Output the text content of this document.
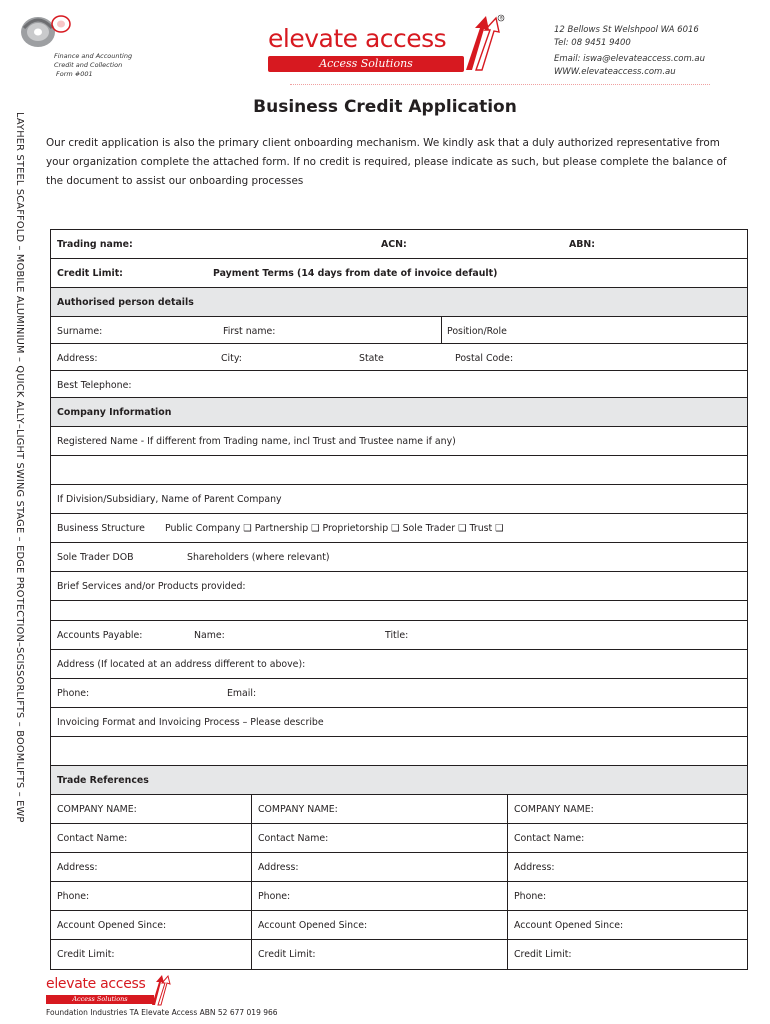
Finance and Accounting
Credit and Collection
Form #001
elevate access
Access Solutions
®
12 Bellows St Welshpool WA 6016
Tel: 08 9451 9400
Email: iswa@elevateaccess.com.au
WWW.elevateaccess.com.au
LAYHER STEEL SCAFFOLD – MOBILE ALUMINIUM – QUICK ALLY–LIGHT SWING STAGE – EDGE PROTECTION–SCISSORLIFTS – BOOMLIFTS – EWP
Business Credit Application
Our credit application is also the primary client onboarding mechanism. We kindly ask that a duly authorized representative from your organization complete the attached form. If no credit is required, please indicate as such, but please complete the balance of the document to assist our onboarding processes
Trading name:	ACN:	ABN:
Credit Limit:	Payment Terms (14 days from date of invoice default)
Authorised person details
Surname:	First name:	Position/Role
Address:	City:	State	Postal Code:
Best Telephone:
Company Information
Registered Name - If different from Trading name, incl Trust and Trustee name if any)
If Division/Subsidiary, Name of Parent Company
Business Structure Public Company ❑ Partnership ❑ Proprietorship ❑ Sole Trader ❑ Trust ❑
Sole Trader DOB	Shareholders (where relevant)
Brief Services and/or Products provided:
Accounts Payable:	Name:	Title:
Address (If located at an address different to above):
Phone:	Email:
Invoicing Format and Invoicing Process – Please describe
Trade References
COMPANY NAME:	COMPANY NAME:	COMPANY NAME:
Contact Name:	Contact Name:	Contact Name:
Address:	Address:	Address:
Phone:	Phone:	Phone:
Account Opened Since:	Account Opened Since:	Account Opened Since:
Credit Limit:	Credit Limit:	Credit Limit:
elevate access
Access Solutions
Foundation Industries TA Elevate Access ABN 52 677 019 966
